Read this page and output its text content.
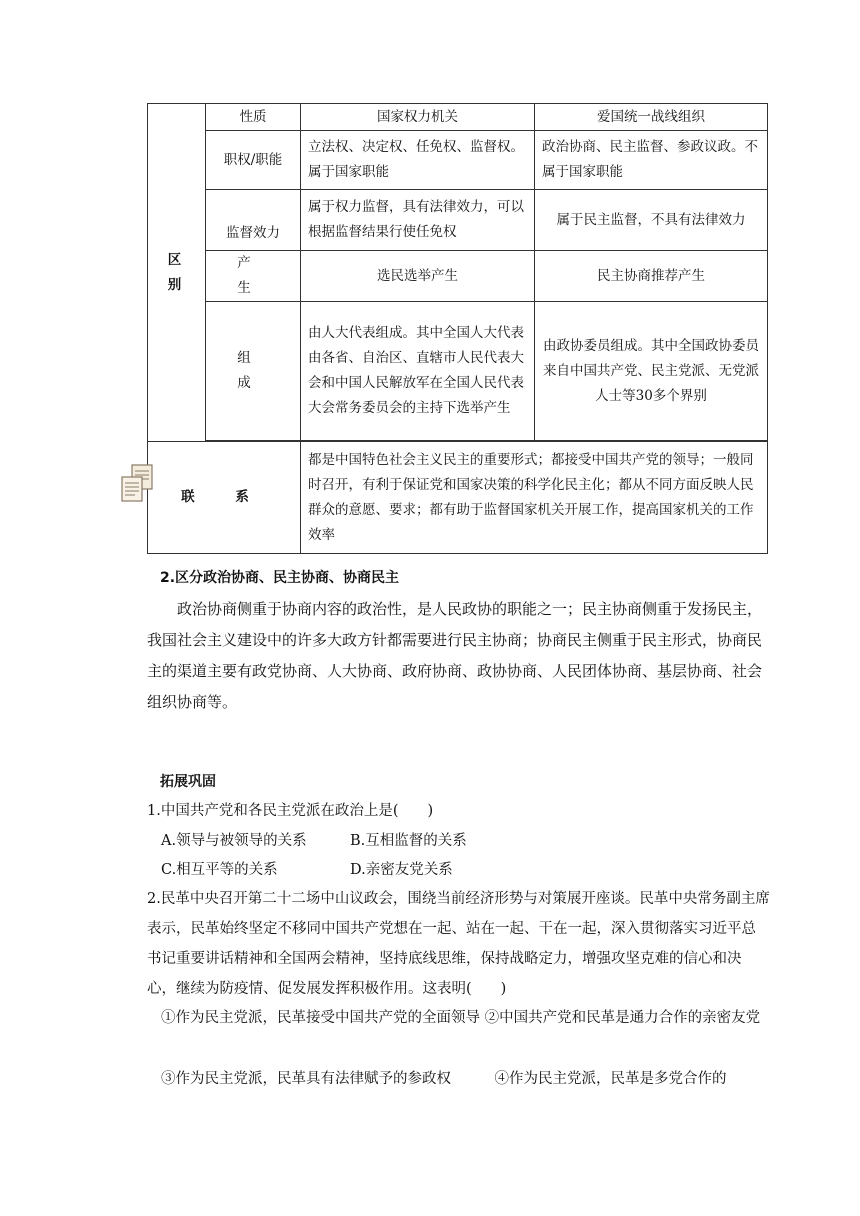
区 别	性质	国家权力机关	爱国统一战线组织
	职权/职能	立法权、决定权、任免权、监督权。属于国家职能	政治协商、民主监督、参政议政。不属于国家职能
	监督效力	属于权力监督，具有法律效力，可以根据监督结果行使任免权	属于民主监督，不具有法律效力
	产 生	选民选举产生	民主协商推荐产生
	组 成	由人大代表组成。其中全国人大代表由各省、自治区、直辖市人民代表大会和中国人民解放军在全国人民代表大会常务委员会的主持下选举产生	由政协委员组成。其中全国政协委员来自中国共产党、民主党派、无党派人士等30多个界别

联 系		都是中国特色社会主义民主的重要形式；都接受中国共产党的领导；一般同时召开，有利于保证党和国家决策的科学化民主化；都从不同方面反映人民群众的意愿、要求；都有助于监督国家机关开展工作，提高国家机关的工作效率	
2.区分政治协商、民主协商、协商民主

政治协商侧重于协商内容的政治性，是人民政协的职能之一；民主协商侧重于发扬民主，我国社会主义建设中的许多大政方针都需要进行民主协商；协商民主侧重于民主形式，协商民主的渠道主要有政党协商、人大协商、政府协商、政协协商、人民团体协商、基层协商、社会组织协商等。

拓展巩固

1.中国共产党和各民主党派在政治上是(　　)

A.领导与被领导的关系	B.互相监督的关系
C.相互平等的关系	D.亲密友党关系

2.民革中央召开第二十二场中山议政会，围绕当前经济形势与对策展开座谈。民革中央常务副主席表示，民革始终坚定不移同中国共产党想在一起、站在一起、干在一起，深入贯彻落实习近平总书记重要讲话精神和全国两会精神，坚持底线思维，保持战略定力，增强攻坚克难的信心和决心，继续为防疫情、促发展发挥积极作用。这表明(　　)

①作为民主党派，民革接受中国共产党的全面领导 ②中国共产党和民革是通力合作的亲密友党

③作为民主党派，民革具有法律赋予的参政权　　　④作为民主党派，民革是多党合作的
